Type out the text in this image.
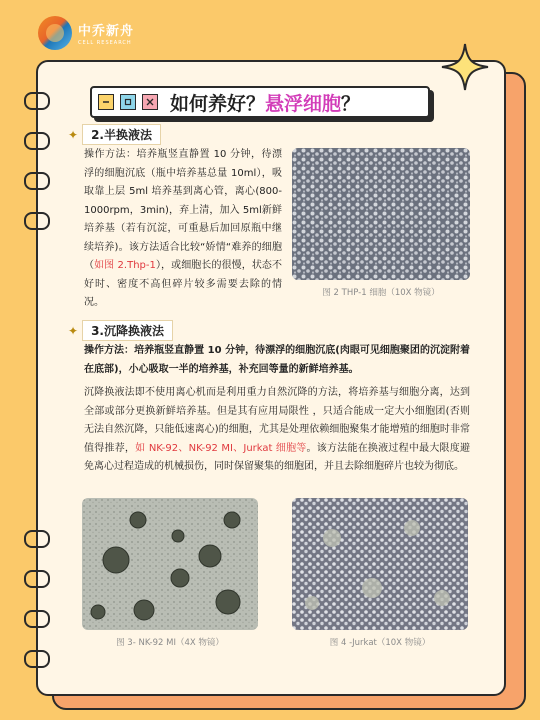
中乔新舟
CELL RESEARCH
如何养好？悬浮细胞？
✦	2.半换液法
操作方法：培养瓶竖直静置 10 分钟，待漂浮的细胞沉底（瓶中培养基总量 10ml），吸取靠上层 5ml 培养基到离心管，离心(800-1000rpm，3min)，弃上清，加入 5ml新鲜培养基（若有沉淀，可重悬后加回原瓶中继续培养)。该方法适合比较“娇情“难养的细胞（如图 2.Thp-1），或细胞长的很慢，状态不好时、密度不高但碎片较多需要去除的情况。
图 2 THP-1 细胞（10X 物镜）
✦	3.沉降换液法
操作方法：培养瓶竖直静置 10 分钟，待漂浮的细胞沉底(肉眼可见细胞聚团的沉淀附着在底部)，小心吸取一半的培养基，补充回等量的新鲜培养基。
沉降换液法即不使用离心机而是利用重力自然沉降的方法，将培养基与细胞分离，达到全部或部分更换新鲜培养基。但是其有应用局限性 ，只适合能成一定大小细胞团(否则无法自然沉降，只能低速离心)的细胞，尤其是处理依赖细胞聚集才能增殖的细胞时非常值得推荐，如 NK-92、NK-92 MI、Jurkat 细胞等。该方法能在换液过程中最大限度避免离心过程造成的机械损伤，同时保留聚集的细胞团，并且去除细胞碎片也较为彻底。
图 3- NK-92 MI（4X 物镜）	图 4 -Jurkat（10X 物镜）
